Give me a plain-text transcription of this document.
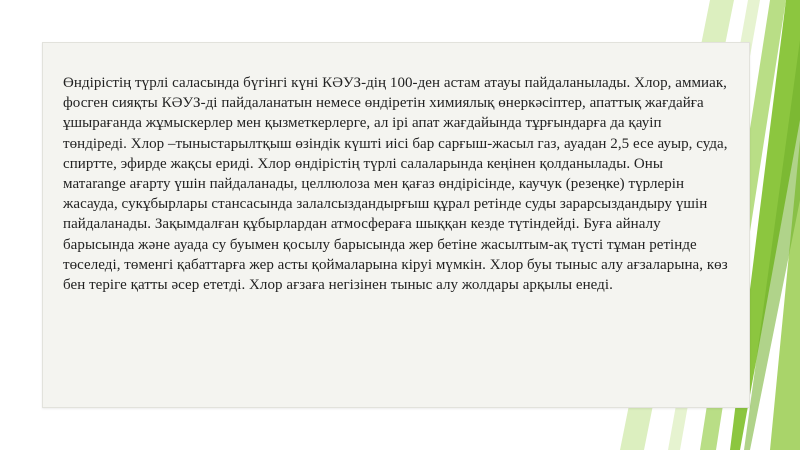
Өндірістің түрлі саласында бүгінгі күні КӘУЗ-дің 100-ден астам атауы пайдаланылады. Хлор, аммиак, фосген сияқты КӘУЗ-ді пайдаланатын немесе өндіретін химиялық өнеркәсіптер, апаттық жағдайға ұшырағанда жұмыскерлер мен қызметкерлерге, ал ірі апат жағдайында тұрғындарға да қауіп төндіреді. Хлор –тыныстарылтқыш өзіндік күшті иісі бар сарғыш-жасыл газ, ауадан 2,5 есе ауыр, суда, спиртте, эфирде жақсы ериді. Хлор өндірістің түрлі салаларында кеңінен қолданылады. Оны матаrange ағарту үшін пайдаланады, целлюлоза мен қағаз өндірісінде, каучук (резеңке) түрлерін жасауда, сукұбырлары стансасында залалсыздандырғыш құрал ретінде суды зарарсыздандыру үшін пайдаланады. Зақымдалған құбырлардан атмосфераға шыққан кезде түтіндейді. Буға айналу барысында және ауада су буымен қосылу барысында жер бетіне жасылтым-ақ түсті тұман ретінде төселеді, төменгі қабаттарға жер асты қоймаларына кіруі мүмкін. Хлор буы тыныс алу ағзаларына, көз бен теріге қатты әсер ететді. Хлор ағзаға негізінен тыныс алу жолдары арқылы енеді.
